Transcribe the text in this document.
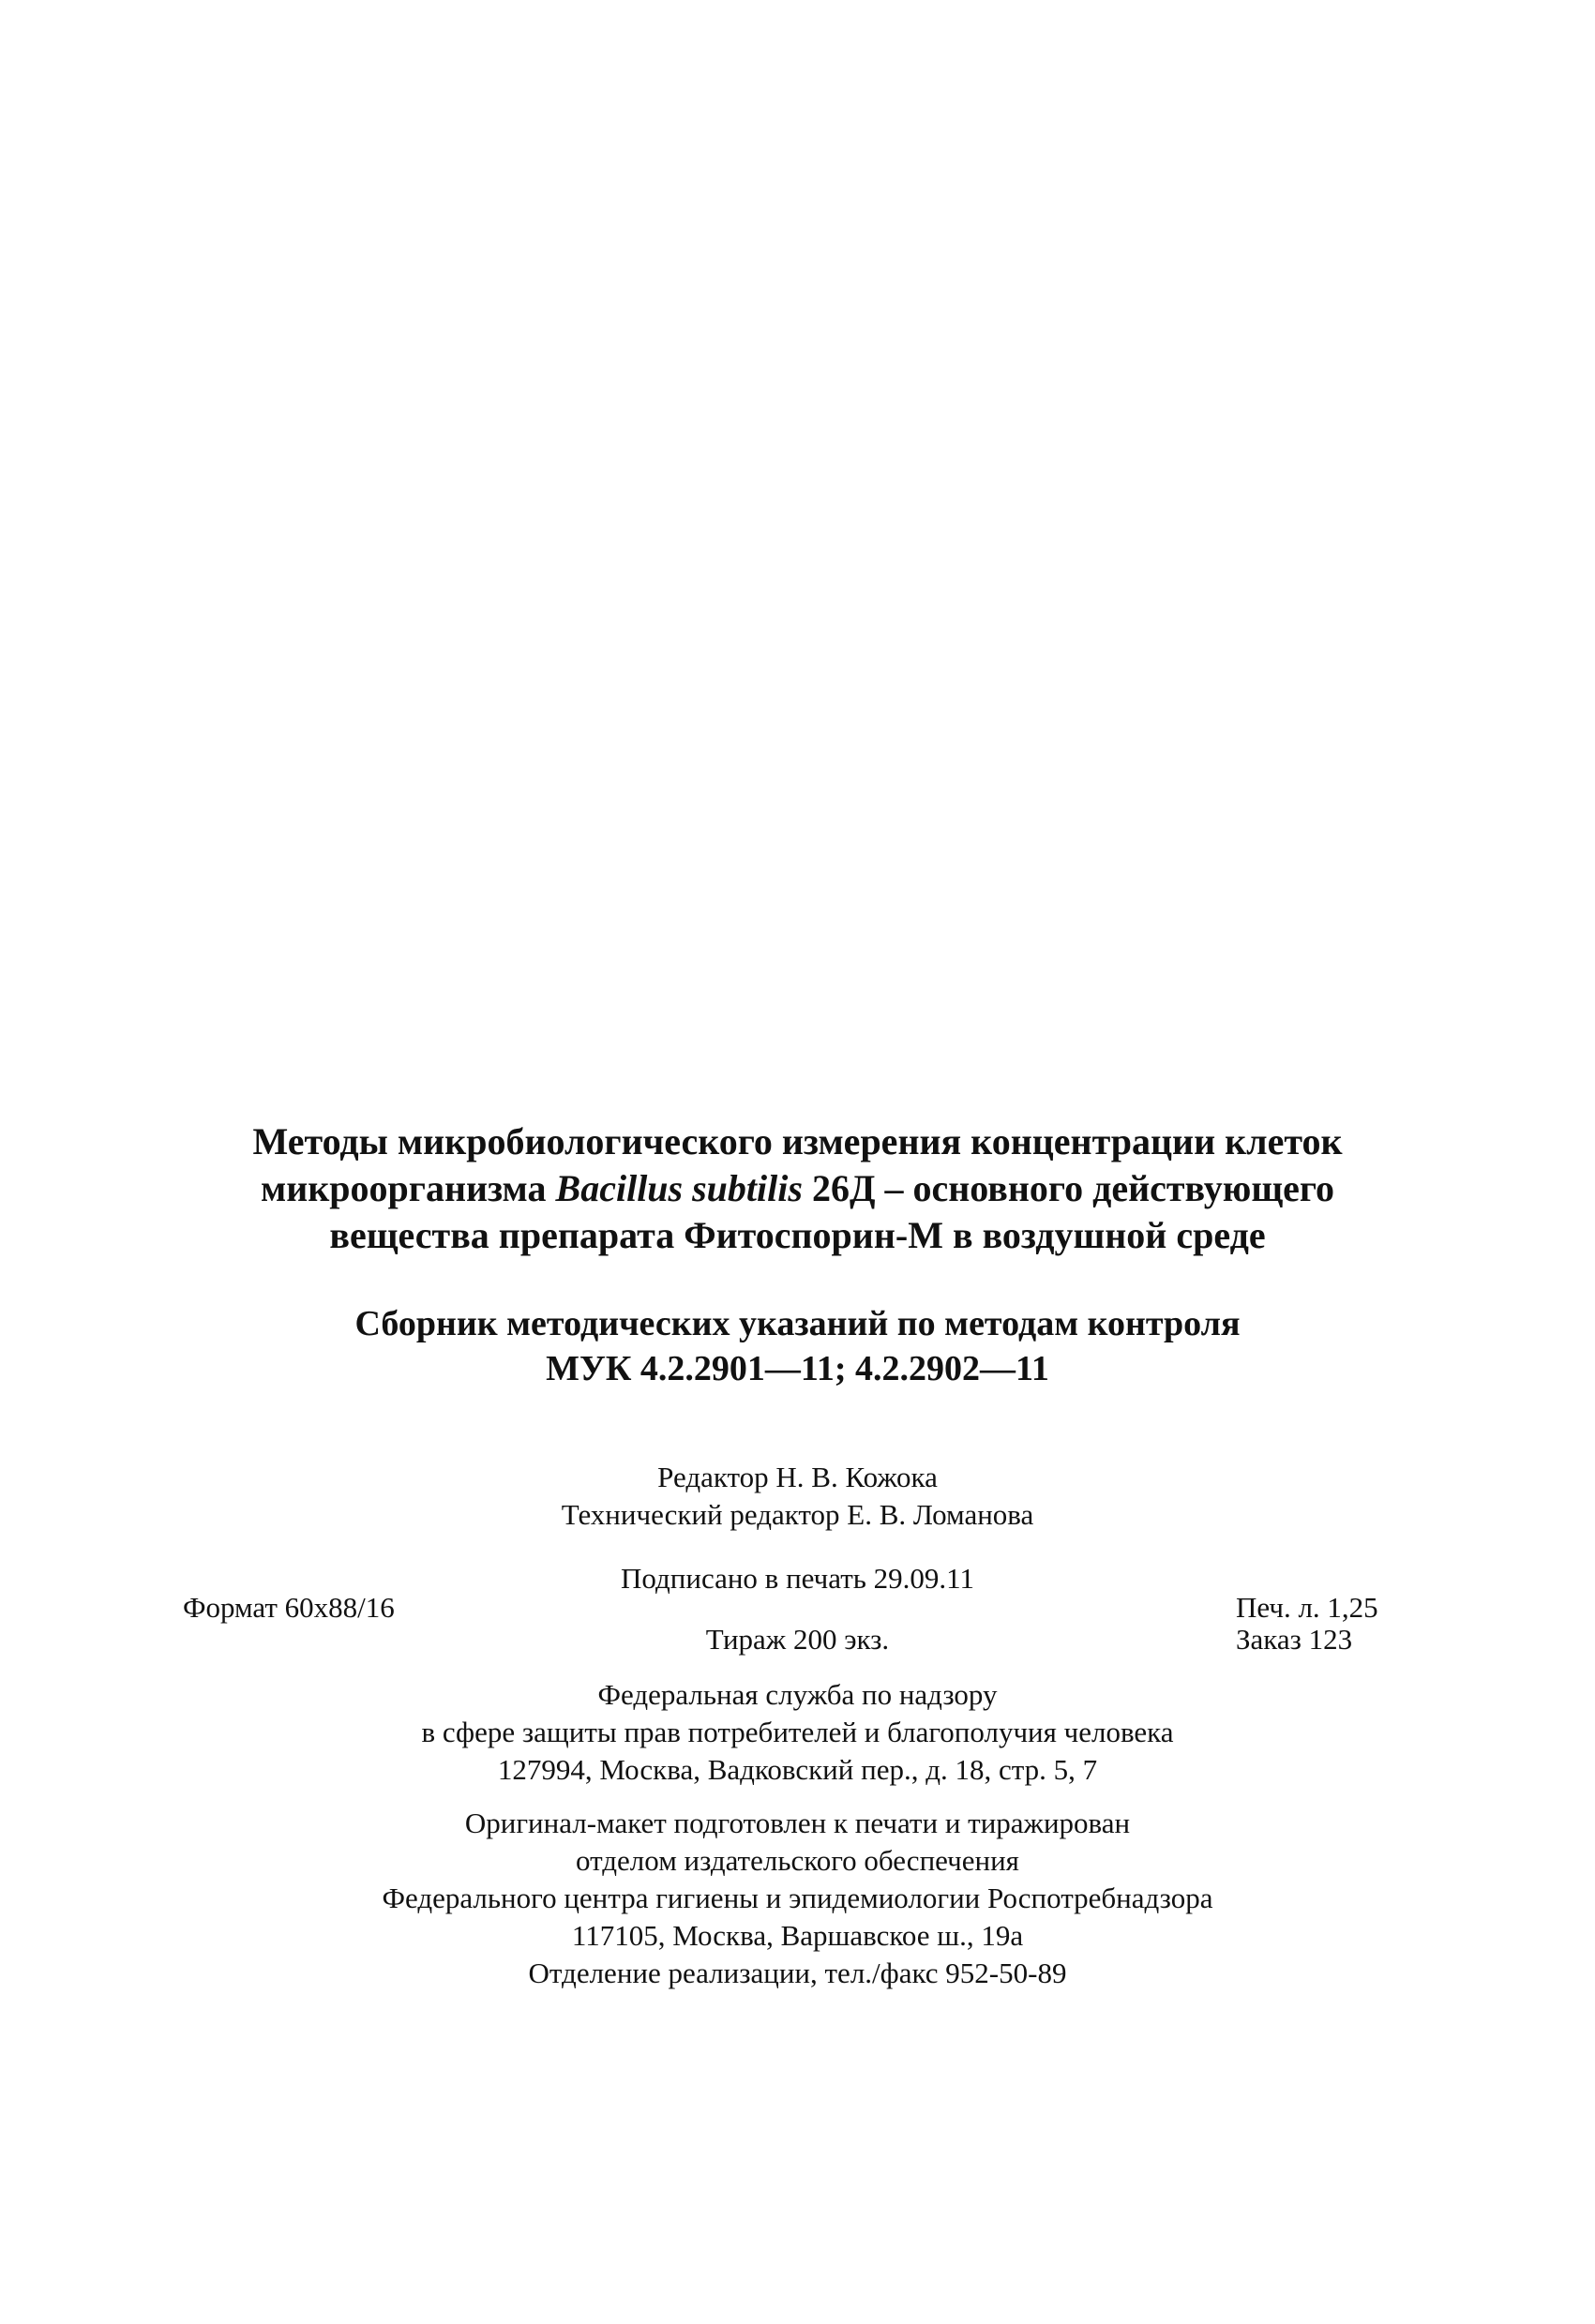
Методы микробиологического измерения концентрации клеток
микроорганизма Bacillus subtilis 26Д – основного действующего
вещества препарата Фитоспорин-М в воздушной среде
Сборник методических указаний по методам контроля
МУК 4.2.2901—11; 4.2.2902—11
Редактор Н. В. Кожока
Технический редактор Е. В. Ломанова
Подписано в печать 29.09.11
Формат 60х88/16	Печ. л. 1,25
Тираж 200 экз.	Заказ 123
Федеральная служба по надзору
в сфере защиты прав потребителей и благополучия человека
127994, Москва, Вадковский пер., д. 18, стр. 5, 7
Оригинал-макет подготовлен к печати и тиражирован
отделом издательского обеспечения
Федерального центра гигиены и эпидемиологии Роспотребнадзора
117105, Москва, Варшавское ш., 19а
Отделение реализации, тел./факс 952-50-89
